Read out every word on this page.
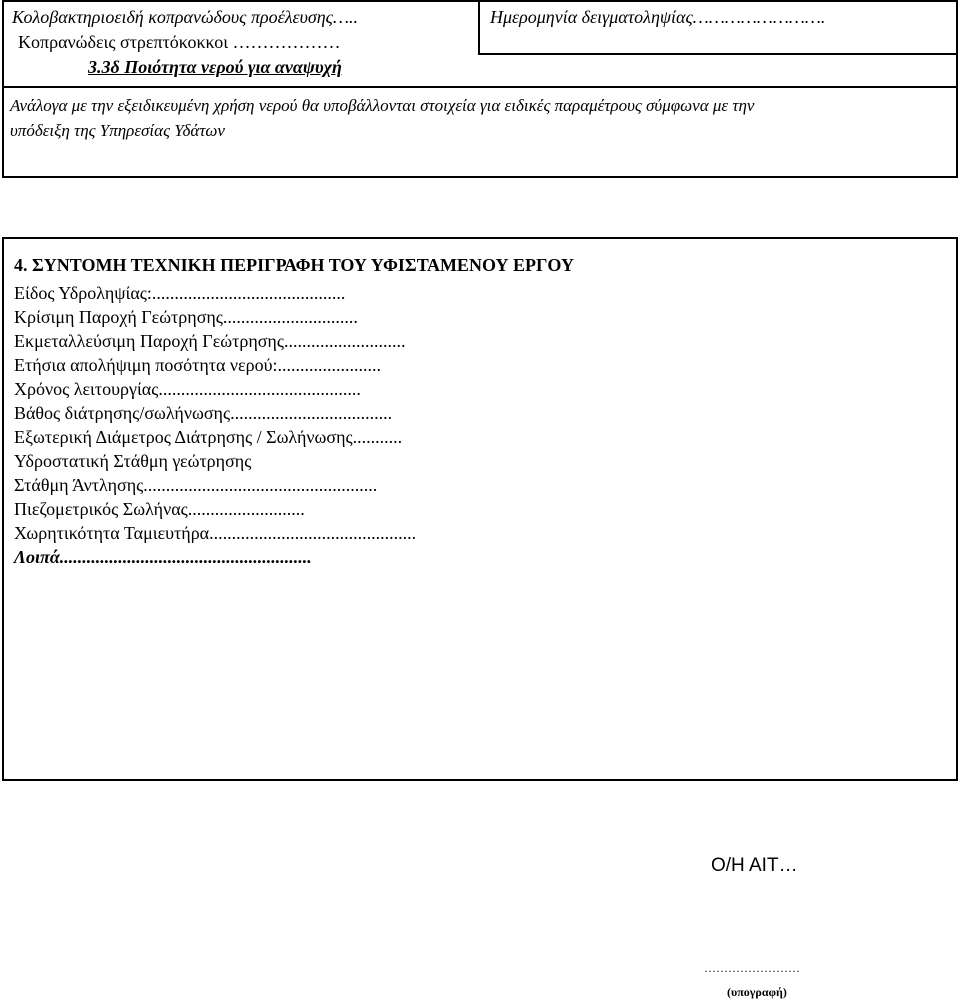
Κολοβακτηριοειδή κοπρανώδους προέλευσης…..
Κοπρανώδεις στρεπτόκοκκοι ………………
3.3δ Ποιότητα νερού για αναψυχή
Ημερομηνία δειγματοληψίας…………………….
Ανάλογα με την εξειδικευμένη χρήση νερού θα υποβάλλονται στοιχεία για ειδικές παραμέτρους σύμφωνα με την
υπόδειξη της Υπηρεσίας Υδάτων
4. ΣΥΝΤΟΜΗ ΤΕΧΝΙΚΗ ΠΕΡΙΓΡΑΦΗ ΤΟΥ ΥΦΙΣΤΑΜΕΝΟΥ ΕΡΓΟΥ
Είδος Υδροληψίας:...........................................
Κρίσιμη Παροχή Γεώτρησης..............................
Εκμεταλλεύσιμη Παροχή Γεώτρησης...........................
Ετήσια απολήψιμη ποσότητα νερού:.......................
Χρόνος λειτουργίας.............................................
Βάθος διάτρησης/σωλήνωσης....................................
Εξωτερική Διάμετρος Διάτρησης / Σωλήνωσης...........
Υδροστατική Στάθμη γεώτρησης
Στάθμη Άντλησης....................................................
Πιεζομετρικός Σωλήνας..........................
Χωρητικότητα Ταμιευτήρα..............................................
Λοιπά........................................................
Ο/Η ΑΙΤ…
……………………
(υπογραφή)
